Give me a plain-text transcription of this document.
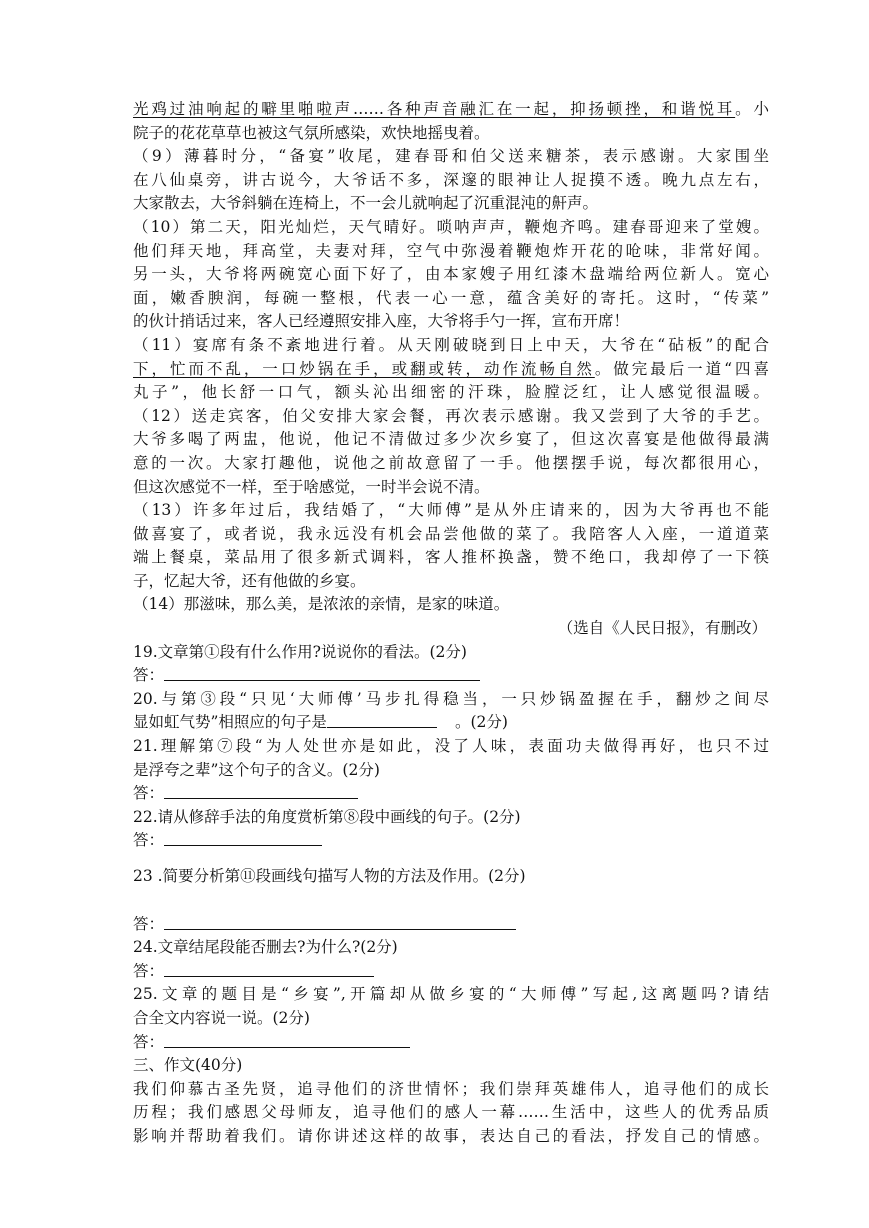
光鸡过油响起的噼里啪啦声……各种声音融汇在一起，抑扬顿挫，和谐悦耳。小
院子的花花草草也被这气氛所感染，欢快地摇曳着。
（9）薄暮时分，“备宴”收尾，建春哥和伯父送来糖茶，表示感谢。大家围坐
在八仙桌旁，讲古说今，大爷话不多，深邃的眼神让人捉摸不透。晚九点左右，
大家散去，大爷斜躺在连椅上，不一会儿就响起了沉重混沌的鼾声。
（10）第二天，阳光灿烂，天气晴好。唢呐声声，鞭炮齐鸣。建春哥迎来了堂嫂。
他们拜天地，拜高堂，夫妻对拜，空气中弥漫着鞭炮炸开花的呛味，非常好闻。
另一头，大爷将两碗宽心面下好了，由本家嫂子用红漆木盘端给两位新人。宽心
面，嫩香腴润，每碗一整根，代表一心一意，蕴含美好的寄托。这时，“传菜”
的伙计捎话过来，客人已经遵照安排入座，大爷将手勺一挥，宣布开席！
（11）宴席有条不紊地进行着。从天刚破晓到日上中天，大爷在“砧板”的配合
下，忙而不乱，一口炒锅在手，或翻或转，动作流畅自然。做完最后一道“四喜
丸子”，他长舒一口气，额头沁出细密的汗珠，脸膛泛红，让人感觉很温暖。
（12）送走宾客，伯父安排大家会餐，再次表示感谢。我又尝到了大爷的手艺。
大爷多喝了两盅，他说，他记不清做过多少次乡宴了，但这次喜宴是他做得最满
意的一次。大家打趣他，说他之前故意留了一手。他摆摆手说，每次都很用心，
但这次感觉不一样，至于啥感觉，一时半会说不清。
（13）许多年过后，我结婚了，“大师傅”是从外庄请来的，因为大爷再也不能
做喜宴了，或者说，我永远没有机会品尝他做的菜了。我陪客人入座，一道道菜
端上餐桌，菜品用了很多新式调料，客人推杯换盏，赞不绝口，我却停了一下筷
子，忆起大爷，还有他做的乡宴。
（14）那滋味，那么美，是浓浓的亲情，是家的味道。
（选自《人民日报》，有删改）
19.文章第①段有什么作用?说说你的看法。(2分)
答：
20.与第③段“只见‘大师傅’马步扎得稳当，一只炒锅盈握在手，翻炒之间尽
显如虹气势”相照应的句子是	。(2分)
21.理解第⑦段“为人处世亦是如此，没了人味，表面功夫做得再好，也只不过
是浮夸之辈”这个句子的含义。(2分)
答：
22.请从修辞手法的角度赏析第⑧段中画线的句子。(2分)
答：
23 .简要分析第⑪段画线句描写人物的方法及作用。(2分)
答：
24.文章结尾段能否删去?为什么?(2分)
答：
25.文章的题目是“乡宴”,开篇却从做乡宴的“大师傅”写起,这离题吗?请结
合全文内容说一说。(2分)
答：
三、作文(40分)
我们仰慕古圣先贤，追寻他们的济世情怀；我们崇拜英雄伟人，追寻他们的成长
历程；我们感恩父母师友，追寻他们的感人一幕……生活中，这些人的优秀品质
影响并帮助着我们。请你讲述这样的故事，表达自己的看法，抒发自己的情感。
